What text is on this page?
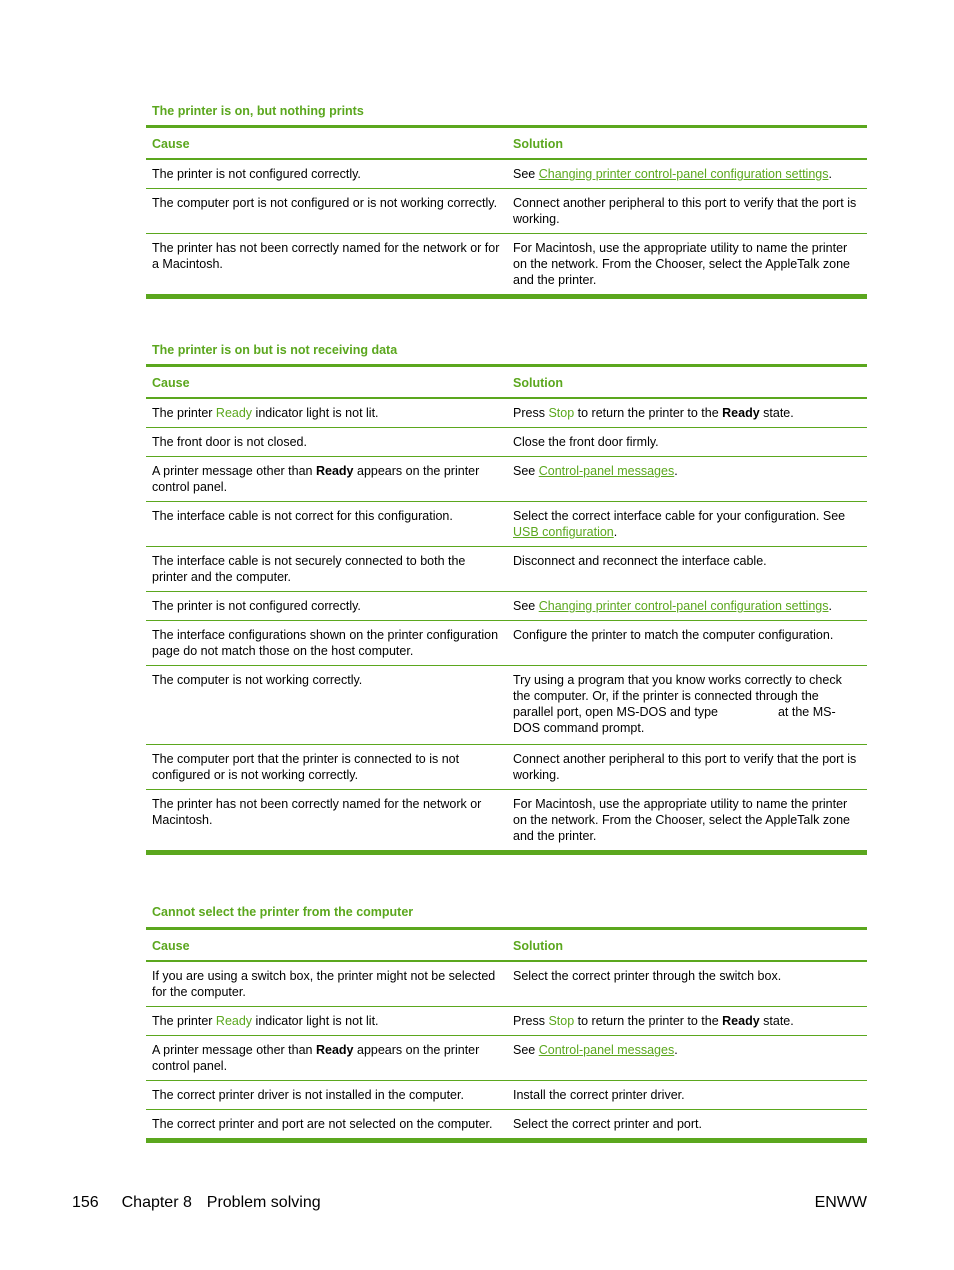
The printer is on, but nothing prints
Cause	Solution
The printer is not configured correctly.	See Changing printer control-panel configuration settings.
The computer port is not configured or is not working correctly.	Connect another peripheral to this port to verify that the port is working.
The printer has not been correctly named for the network or for a Macintosh.	For Macintosh, use the appropriate utility to name the printer on the network. From the Chooser, select the AppleTalk zone and the printer.
The printer is on but is not receiving data
Cause	Solution
The printer Ready indicator light is not lit.	Press Stop to return the printer to the Ready state.
The front door is not closed.	Close the front door firmly.
A printer message other than Ready appears on the printer control panel.	See Control-panel messages.
The interface cable is not correct for this configuration.	Select the correct interface cable for your configuration. See USB configuration.
The interface cable is not securely connected to both the printer and the computer.	Disconnect and reconnect the interface cable.
The printer is not configured correctly.	See Changing printer control-panel configuration settings.
The interface configurations shown on the printer configuration page do not match those on the host computer.	Configure the printer to match the computer configuration.
The computer is not working correctly.	Try using a program that you know works correctly to check the computer. Or, if the printer is connected through the parallel port, open MS-DOS and type at the MS-DOS command prompt.
The computer port that the printer is connected to is not configured or is not working correctly.	Connect another peripheral to this port to verify that the port is working.
The printer has not been correctly named for the network or Macintosh.	For Macintosh, use the appropriate utility to name the printer on the network. From the Chooser, select the AppleTalk zone and the printer.
Cannot select the printer from the computer
Cause	Solution
If you are using a switch box, the printer might not be selected for the computer.	Select the correct printer through the switch box.
The printer Ready indicator light is not lit.	Press Stop to return the printer to the Ready state.
A printer message other than Ready appears on the printer control panel.	See Control-panel messages.
The correct printer driver is not installed in the computer.	Install the correct printer driver.
The correct printer and port are not selected on the computer.	Select the correct printer and port.
156 Chapter 8 Problem solving	ENWW
